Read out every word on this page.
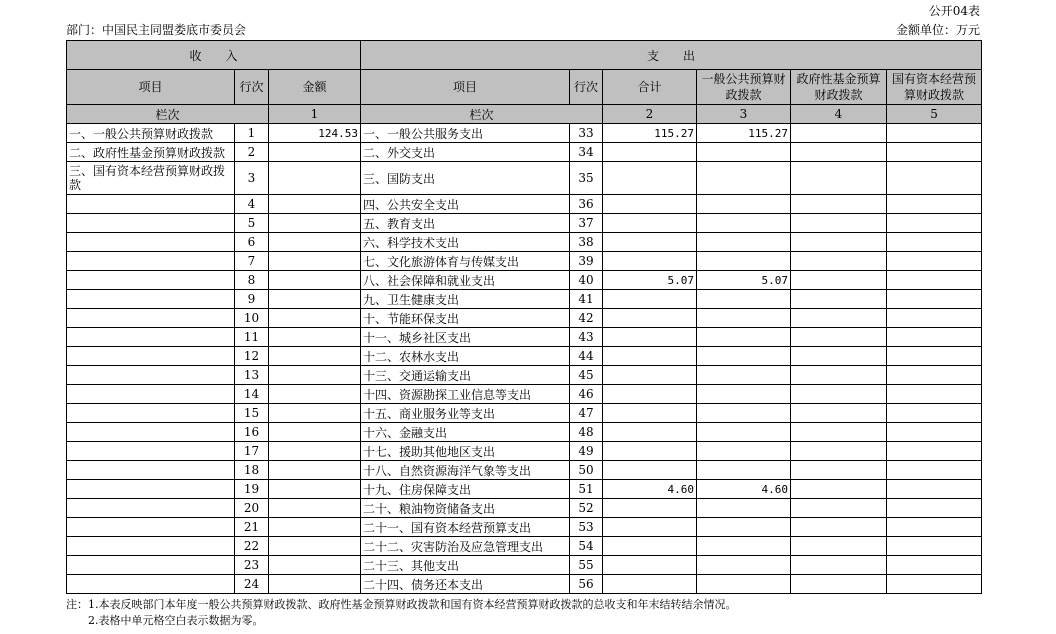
公开04表
部门：中国民主同盟娄底市委员会	金额单位：万元
收　　入			支　　出					
项目	行次	金额	项目	行次	合计	一般公共预算财政拨款	政府性基金预算财政拨款	国有资本经营预算财政拨款
栏次		1	栏次		2	3	4	5
一、一般公共预算财政拨款	1	124.53	一、一般公共服务支出	33	115.27	115.27		
二、政府性基金预算财政拨款	2		二、外交支出	34				
三、国有资本经营预算财政拨款	3		三、国防支出	35				
	4		四、公共安全支出	36				
	5		五、教育支出	37				
	6		六、科学技术支出	38				
	7		七、文化旅游体育与传媒支出	39				
	8		八、社会保障和就业支出	40	5.07	5.07		
	9		九、卫生健康支出	41				
	10		十、节能环保支出	42				
	11		十一、城乡社区支出	43				
	12		十二、农林水支出	44				
	13		十三、交通运输支出	45				
	14		十四、资源勘探工业信息等支出	46				
	15		十五、商业服务业等支出	47				
	16		十六、金融支出	48				
	17		十七、援助其他地区支出	49				
	18		十八、自然资源海洋气象等支出	50				
	19		十九、住房保障支出	51	4.60	4.60		
	20		二十、粮油物资储备支出	52				
	21		二十一、国有资本经营预算支出	53				
	22		二十二、灾害防治及应急管理支出	54				
	23		二十三、其他支出	55				
	24		二十四、债务还本支出	56				
注：1.本表反映部门本年度一般公共预算财政拨款、政府性基金预算财政拨款和国有资本经营预算财政拨款的总收支和年末结转结余情况。
2.表格中单元格空白表示数据为零。
